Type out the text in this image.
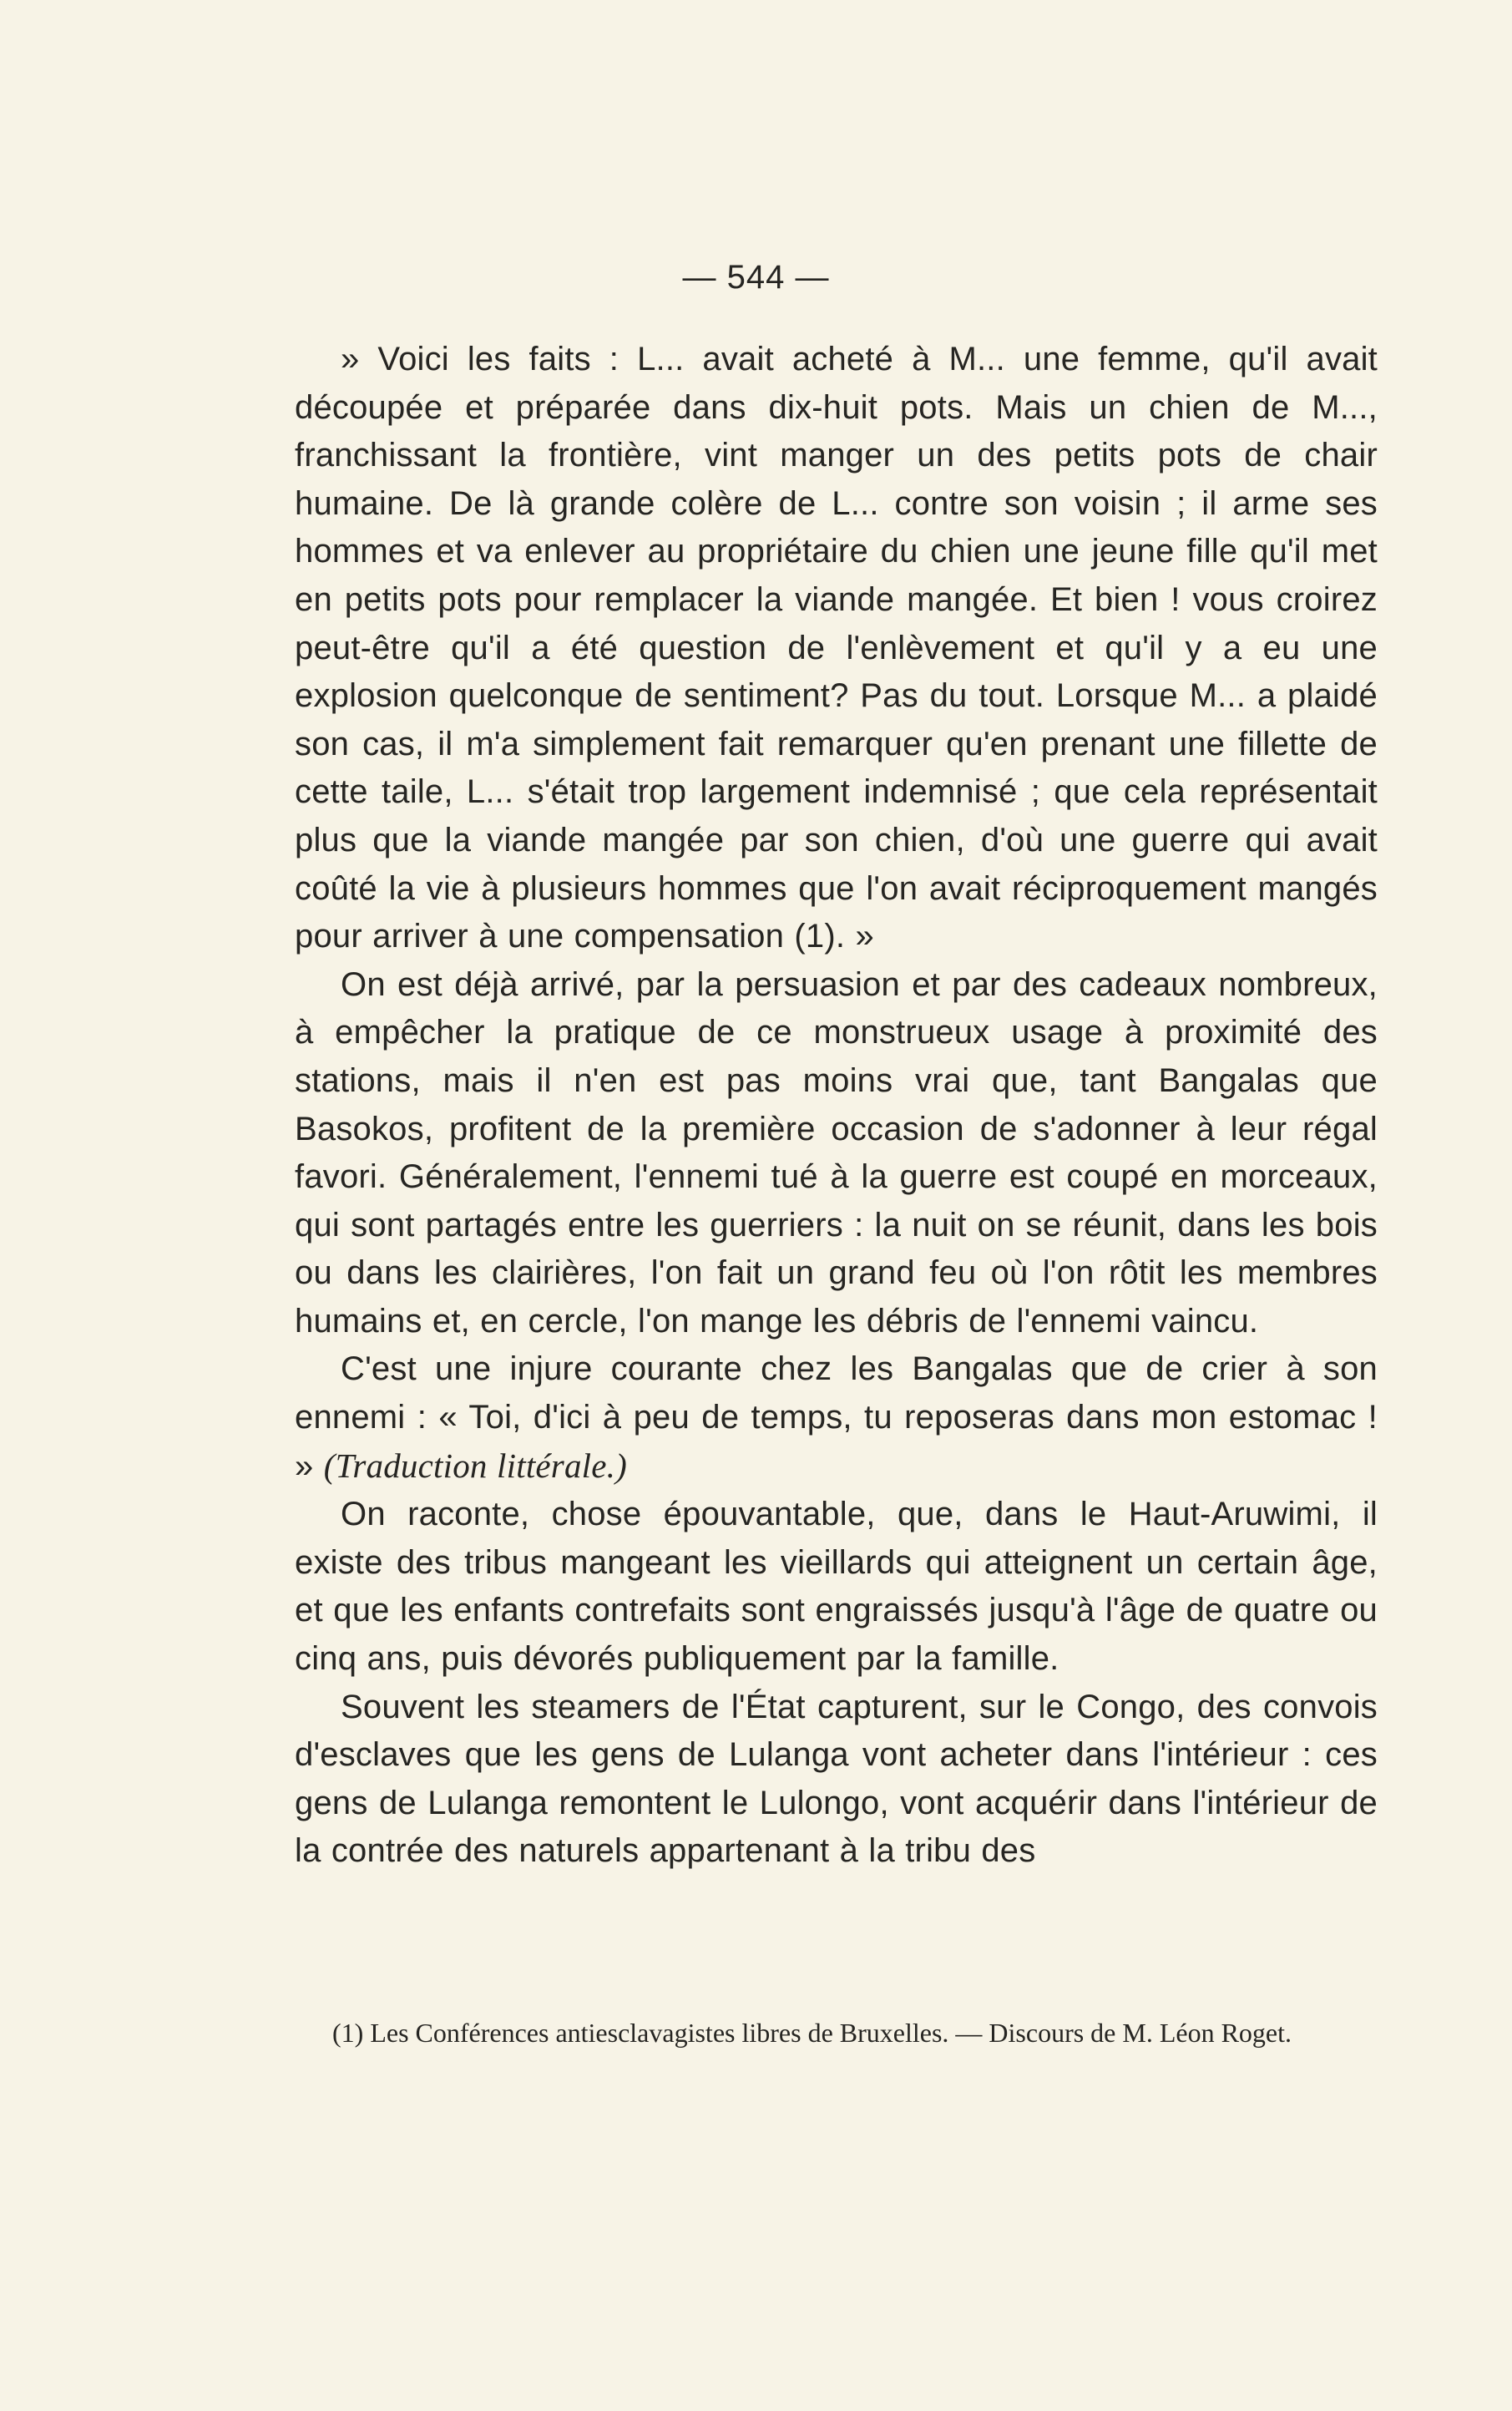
— 544 —

» Voici les faits : L... avait acheté à M... une femme, qu'il avait découpée et préparée dans dix-huit pots. Mais un chien de M..., franchissant la frontière, vint manger un des petits pots de chair humaine. De là grande colère de L... contre son voisin ; il arme ses hommes et va enlever au propriétaire du chien une jeune fille qu'il met en petits pots pour remplacer la viande mangée. Et bien ! vous croirez peut-être qu'il a été question de l'enlèvement et qu'il y a eu une explosion quelconque de sentiment? Pas du tout. Lorsque M... a plaidé son cas, il m'a simplement fait remarquer qu'en prenant une fillette de cette taile, L... s'était trop largement indemnisé ; que cela représentait plus que la viande mangée par son chien, d'où une guerre qui avait coûté la vie à plusieurs hommes que l'on avait réciproquement mangés pour arriver à une compensation (1). »

On est déjà arrivé, par la persuasion et par des cadeaux nombreux, à empêcher la pratique de ce monstrueux usage à proximité des stations, mais il n'en est pas moins vrai que, tant Bangalas que Basokos, profitent de la première occasion de s'adonner à leur régal favori. Généralement, l'ennemi tué à la guerre est coupé en morceaux, qui sont partagés entre les guerriers : la nuit on se réunit, dans les bois ou dans les clairières, l'on fait un grand feu où l'on rôtit les membres humains et, en cercle, l'on mange les débris de l'ennemi vaincu.

C'est une injure courante chez les Bangalas que de crier à son ennemi : « Toi, d'ici à peu de temps, tu reposeras dans mon estomac ! » (Traduction littérale.)

On raconte, chose épouvantable, que, dans le Haut-Aruwimi, il existe des tribus mangeant les vieillards qui atteignent un certain âge, et que les enfants contrefaits sont engraissés jusqu'à l'âge de quatre ou cinq ans, puis dévorés publiquement par la famille.

Souvent les steamers de l'État capturent, sur le Congo, des convois d'esclaves que les gens de Lulanga vont acheter dans l'intérieur : ces gens de Lulanga remontent le Lulongo, vont acquérir dans l'intérieur de la contrée des naturels appartenant à la tribu des

(1) Les Conférences antiesclavagistes libres de Bruxelles. — Discours de M. Léon Roget.
